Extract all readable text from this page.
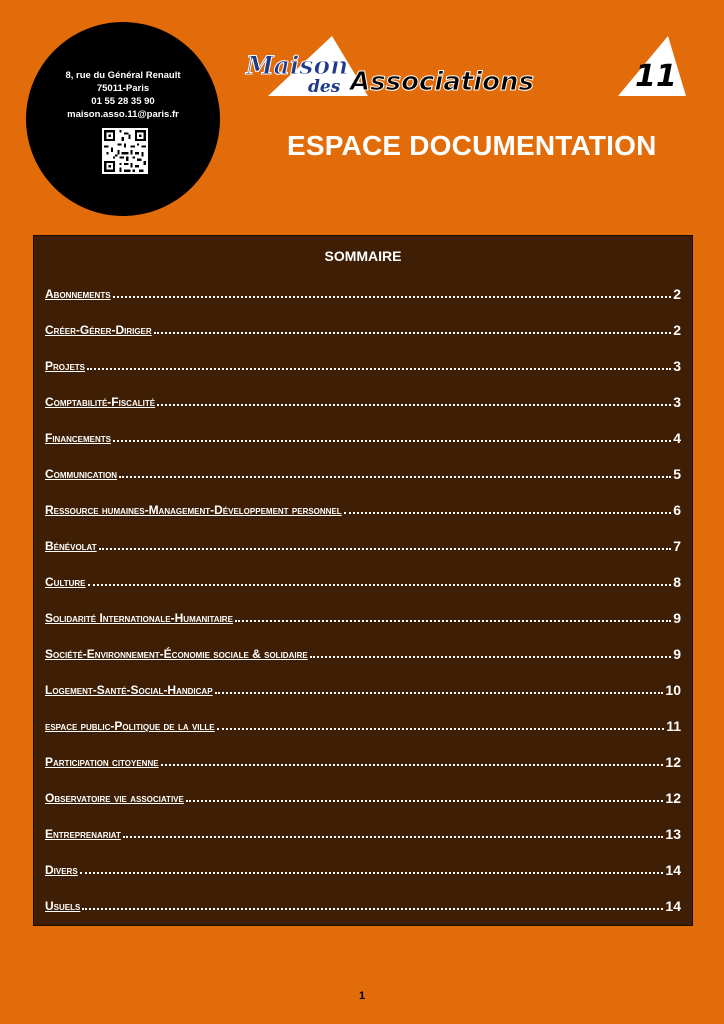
8, rue du Général Renault
75011-Paris
01 55 28 35 90
maison.asso.11@paris.fr
Maison
des Associations	11
ESPACE DOCUMENTATION
SOMMAIRE
Abonnements	2
Créer-Gérer-Diriger	2
Projets	3
Comptabilité-Fiscalité	3
Financements	4
Communication	5
Ressource humaines-Management-Développement personnel	6
Bénévolat	7
Culture	8
Solidarité Internationale-Humanitaire	9
Société-Environnement-Économie sociale & solidaire	9
Logement-Santé-Social-Handicap	10
espace public-Politique de la ville	11
Participation citoyenne	12
Observatoire vie associative	12
Entreprenariat	13
Divers	14
Usuels	14
1
